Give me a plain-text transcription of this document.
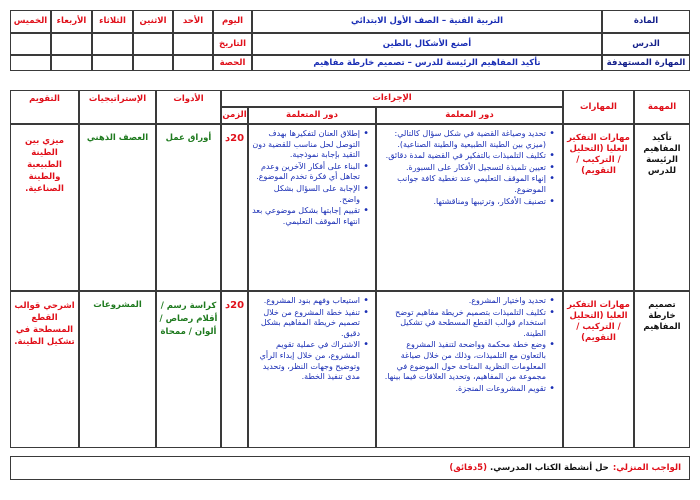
المادة
الدرس
المهارة المستهدفة
التربية الفنية – الصف الأول الابتدائي
أصنع الأشكال بالطين
تأكيد المفاهيم الرئيسة للدرس – تصميم خارطة مفاهيم
اليوم
التاريخ
الحصة
الأحد
الاثنين
الثلاثاء
الأربعاء
الخميس
المهمة
المهارات
الإجراءات
دور المعلمة
دور المتعلمة
الزمن
الأدوات
الإستراتيجيات
التقويم
تأكيد المفاهيم الرئيسة للدرس
مهارات التفكير العليا (التحليل / التركيب / التقويم)
• تحديد وصياغة القضية في شكل سؤال كالتالي: (ميزي بين الطينة الطبيعية والطينة الصناعية).
• تكليف التلميذات بالتفكير في القضية لمدة دقائق.
• تعيين تلميذة لتسجيل الأفكار على السبورة.
• إنهاء الموقف التعليمي عند تغطية كافة جوانب الموضوع.
• تصنيف الأفكار، وترتيبها ومناقشتها.
• إطلاق العنان لتفكيرها بهدف التوصل لحل مناسب للقضية دون التقيد بإجابة نموذجية.
• البناء على أفكار الآخرين وعدم تجاهل أي فكرة تخدم الموضوع.
• الإجابة على السؤال بشكل واضح.
• تقييم إجابتها بشكل موضوعي بعد انتهاء الموقف التعليمي.
20د
أوراق عمل
العصف الذهني
ميزي بين الطينة الطبيعية والطينة الصناعية.
تصميم خارطة المفاهيم
مهارات التفكير العليا (التحليل / التركيب / التقويم)
• تحديد واختيار المشروع.
• تكليف التلميذات بتصميم خريطة مفاهيم توضح استخدام قوالب القطع المسطحة في تشكيل الطينة.
• وضع خطة محكمة وواضحة لتنفيذ المشروع بالتعاون مع التلميذات، وذلك من خلال صياغة المعلومات النظرية المتاحة حول الموضوع في مجموعة من المفاهيم، وتحديد العلاقات فيما بينها.
• تقويم المشروعات المنجزة.
• استيعاب وفهم بنود المشروع.
• تنفيذ خطة المشروع من خلال تصميم خريطة المفاهيم بشكل دقيق.
• الاشتراك في عملية تقويم المشروع، من خلال إبداء الرأي وتوضيح وجهات النظر، وتحديد مدى تنفيذ الخطة.
20د
كراسة رسم / أقلام رصاص / ألوان / ممحاة
المشروعات
اشرحي قوالب القطع المسطحة في تشكيل الطينة.
الواجب المنزلي:
حل أنشطة الكتاب المدرسي.
(5دقائق)
